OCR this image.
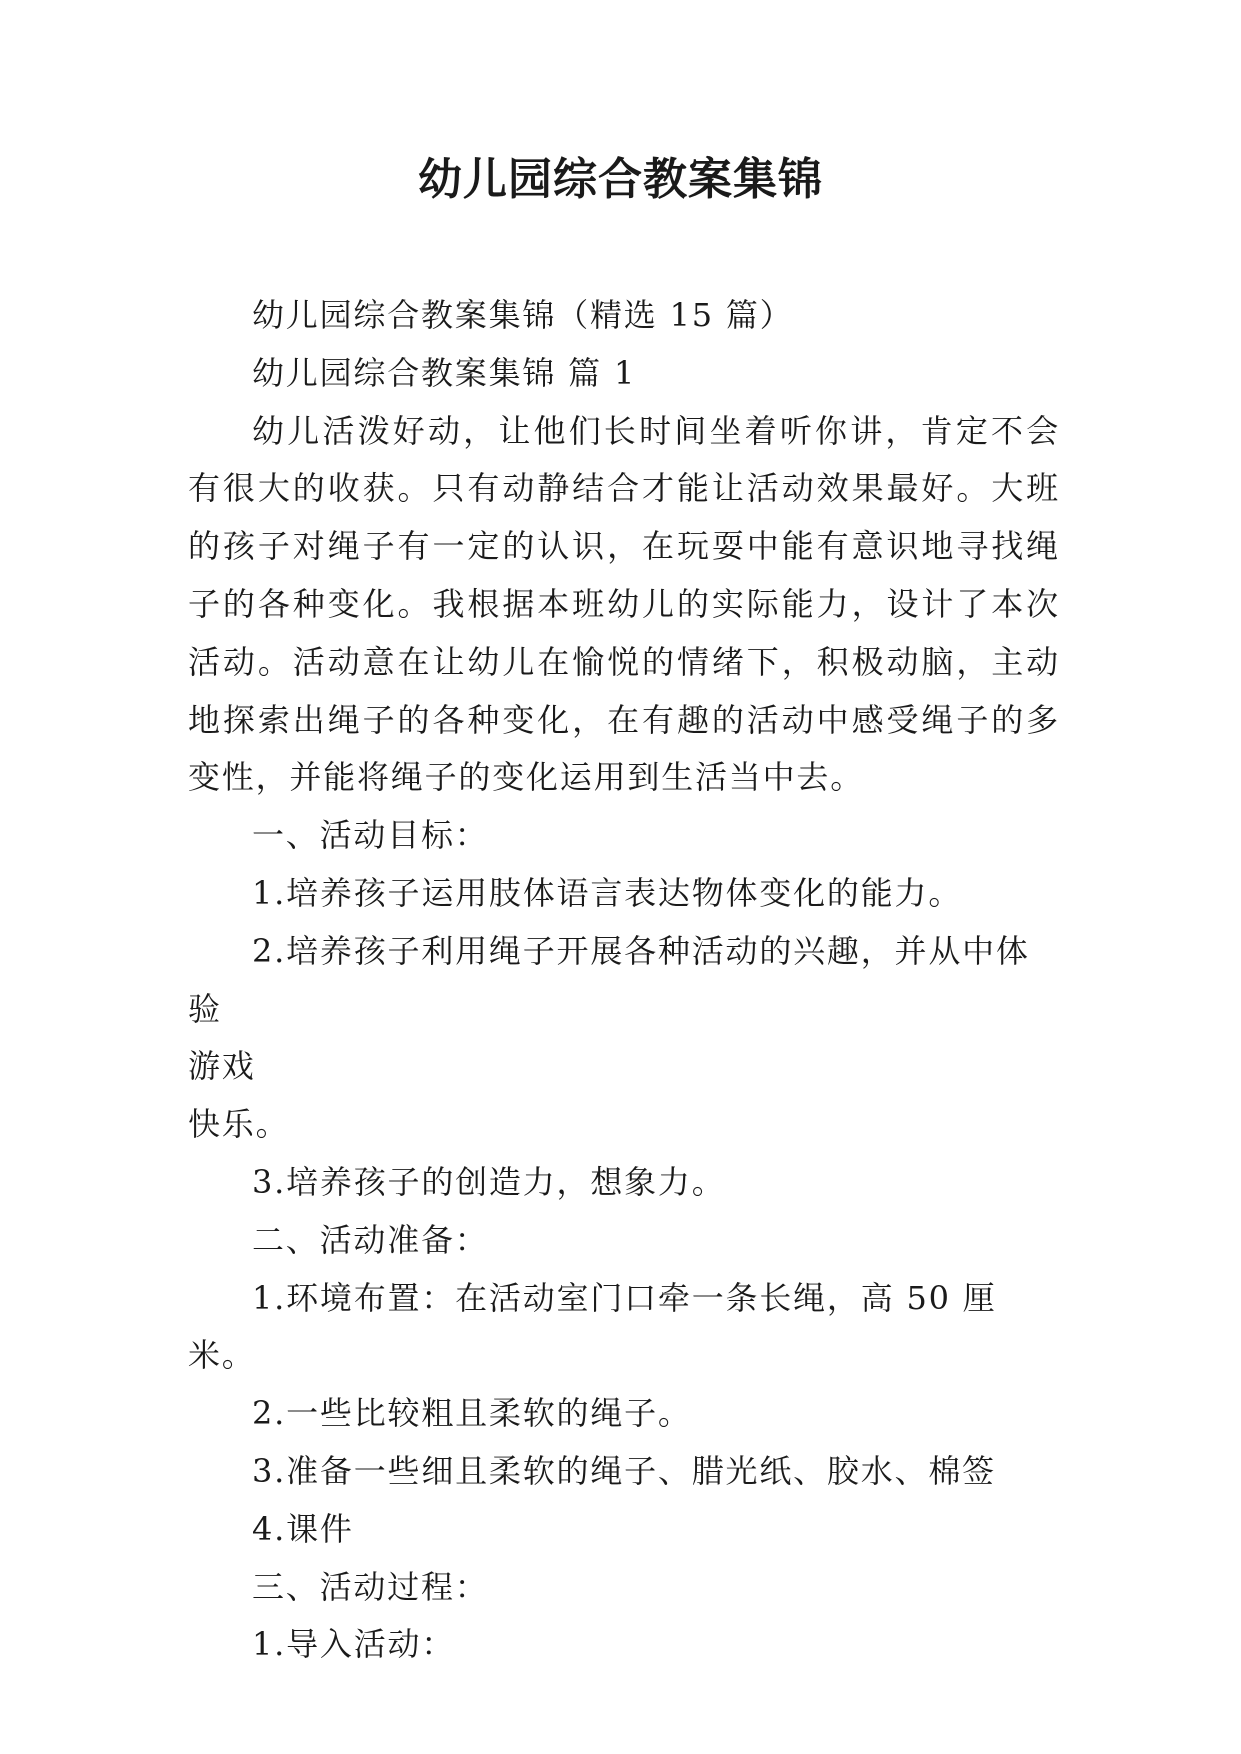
幼儿园综合教案集锦

幼儿园综合教案集锦（精选 15 篇）

幼儿园综合教案集锦 篇 1

幼儿活泼好动，让他们长时间坐着听你讲，肯定不会有很大的收获。只有动静结合才能让活动效果最好。大班的孩子对绳子有一定的认识，在玩耍中能有意识地寻找绳子的各种变化。我根据本班幼儿的实际能力，设计了本次活动。活动意在让幼儿在愉悦的情绪下，积极动脑，主动地探索出绳子的各种变化，在有趣的活动中感受绳子的多变性，并能将绳子的变化运用到生活当中去。

一、活动目标：

1.培养孩子运用肢体语言表达物体变化的能力。

2.培养孩子利用绳子开展各种活动的兴趣，并从中体验

游戏

快乐。

3.培养孩子的创造力，想象力。

二、活动准备：

1.环境布置：在活动室门口牵一条长绳，高 50 厘米。

2.一些比较粗且柔软的绳子。

3.准备一些细且柔软的绳子、腊光纸、胶水、棉签

4.课件

三、活动过程：

1.导入活动：
